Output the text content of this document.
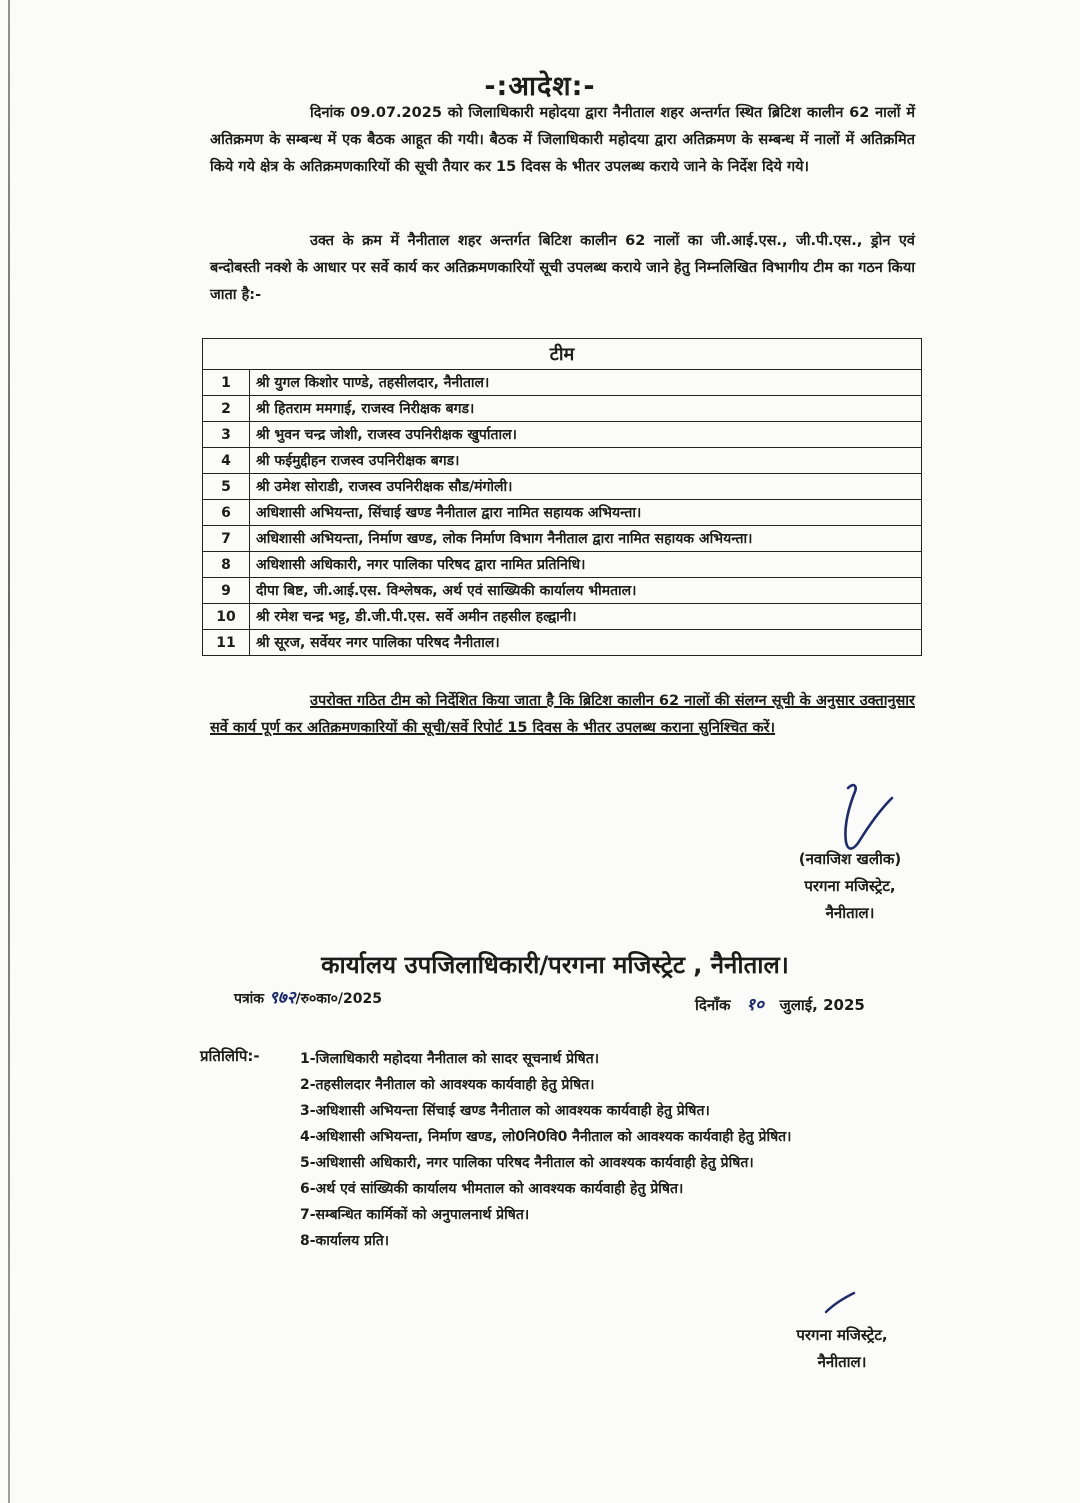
-:आदेश:-
दिनांक 09.07.2025 को जिलाधिकारी महोदया द्वारा नैनीताल शहर अन्तर्गत स्थित ब्रिटिश कालीन 62 नालों में अतिक्रमण के सम्बन्ध में एक बैठक आहूत की गयी। बैठक में जिलाधिकारी महोदया द्वारा अतिक्रमण के सम्बन्ध में नालों में अतिक्रमित किये गये क्षेत्र के अतिक्रमणकारियों की सूची तैयार कर 15 दिवस के भीतर उपलब्ध कराये जाने के निर्देश दिये गये।
उक्त के क्रम में नैनीताल शहर अन्तर्गत बिटिश कालीन 62 नालों का जी.आई.एस., जी.पी.एस., ड्रोन एवं बन्दोबस्ती नक्शे के आधार पर सर्वे कार्य कर अतिक्रमणकारियों सूची उपलब्ध कराये जाने हेतु निम्नलिखित विभागीय टीम का गठन किया जाता है:-
टीम	
1	श्री युगल किशोर पाण्डे, तहसीलदार, नैनीताल।
2	श्री हितराम ममगाई, राजस्व निरीक्षक बगड।
3	श्री भुवन चन्द्र जोशी, राजस्व उपनिरीक्षक खुर्पाताल।
4	श्री फईमुद्दीहन राजस्व उपनिरीक्षक बगड।
5	श्री उमेश सोराडी, राजस्व उपनिरीक्षक सौड/मंगोली।
6	अधिशासी अभियन्ता, सिंचाई खण्ड नैनीताल द्वारा नामित सहायक अभियन्ता।
7	अधिशासी अभियन्ता, निर्माण खण्ड, लोक निर्माण विभाग नैनीताल द्वारा नामित सहायक अभियन्ता।
8	अधिशासी अधिकारी, नगर पालिका परिषद द्वारा नामित प्रतिनिधि।
9	दीपा बिष्ट, जी.आई.एस. विश्लेषक, अर्थ एवं साख्यिकी कार्यालय भीमताल।
10	श्री रमेश चन्द्र भट्ट, डी.जी.पी.एस. सर्वे अमीन तहसील हल्द्वानी।
11	श्री सूरज, सर्वेयर नगर पालिका परिषद नैनीताल।
उपरोक्त गठित टीम को निर्देशित किया जाता है कि ब्रिटिश कालीन 62 नालों की संलग्न सूची के अनुसार उक्तानुसार सर्वे कार्य पूर्ण कर अतिक्रमणकारियों की सूची/सर्वे रिपोर्ट 15 दिवस के भीतर उपलब्ध कराना सुनिश्चित करें।
(नवाजिश खलीक)
परगना मजिस्ट्रेट,
नैनीताल।
कार्यालय उपजिलाधिकारी/परगना मजिस्ट्रेट , नैनीताल।
पत्रांक ९७२/रु०का०/2025	दिनाँक १० जुलाई, 2025
प्रतिलिपि:-	1-जिलाधिकारी महोदया नैनीताल को सादर सूचनार्थ प्रेषित।
2-तहसीलदार नैनीताल को आवश्यक कार्यवाही हेतु प्रेषित।
3-अधिशासी अभियन्ता सिंचाई खण्ड नैनीताल को आवश्यक कार्यवाही हेतु प्रेषित।
4-अधिशासी अभियन्ता, निर्माण खण्ड, लो0नि0वि0 नैनीताल को आवश्यक कार्यवाही हेतु प्रेषित।
5-अधिशासी अधिकारी, नगर पालिका परिषद नैनीताल को आवश्यक कार्यवाही हेतु प्रेषित।
6-अर्थ एवं सांख्यिकी कार्यालय भीमताल को आवश्यक कार्यवाही हेतु प्रेषित।
7-सम्बन्धित कार्मिकों को अनुपालनार्थ प्रेषित।
8-कार्यालय प्रति।
परगना मजिस्ट्रेट,
नैनीताल।
